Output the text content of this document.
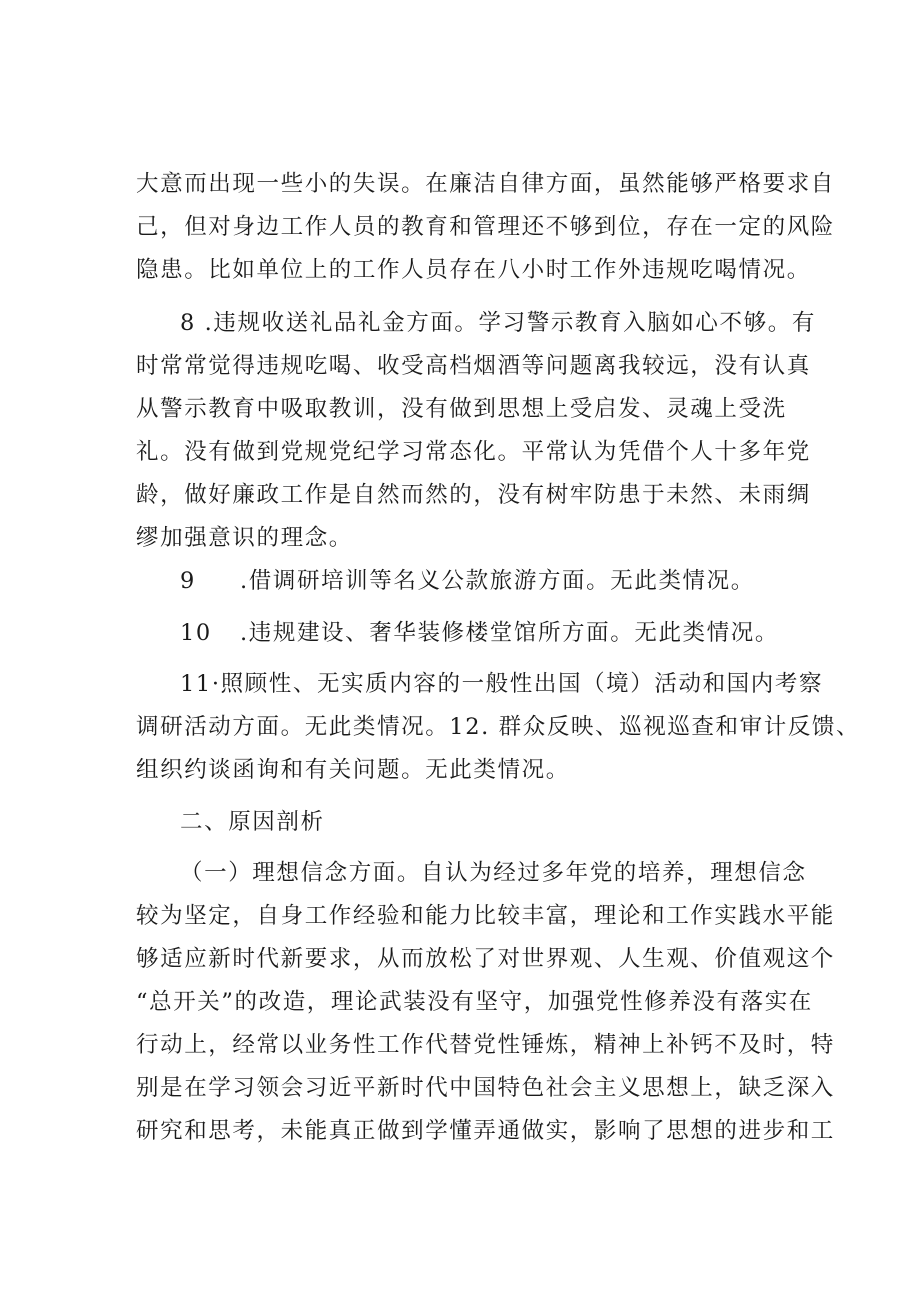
大意而出现一些小的失误。在廉洁自律方面，虽然能够严格要求自
己，但对身边工作人员的教育和管理还不够到位，存在一定的风险
隐患。比如单位上的工作人员存在八小时工作外违规吃喝情况。
8 .违规收送礼品礼金方面。学习警示教育入脑如心不够。有
时常常觉得违规吃喝、收受高档烟酒等问题离我较远，没有认真
从警示教育中吸取教训，没有做到思想上受启发、灵魂上受洗
礼。没有做到党规党纪学习常态化。平常认为凭借个人十多年党
龄，做好廉政工作是自然而然的，没有树牢防患于未然、未雨绸
缪加强意识的理念。
9 .借调研培训等名义公款旅游方面。无此类情况。
10 .违规建设、奢华装修楼堂馆所方面。无此类情况。
11·照顾性、无实质内容的一般性出国（境）活动和国内考察
调研活动方面。无此类情况。12. 群众反映、巡视巡查和审计反馈、
组织约谈函询和有关问题。无此类情况。
二、原因剖析
（一）理想信念方面。自认为经过多年党的培养，理想信念
较为坚定，自身工作经验和能力比较丰富，理论和工作实践水平能
够适应新时代新要求，从而放松了对世界观、人生观、价值观这个
“总开关”的改造，理论武装没有坚守，加强党性修养没有落实在
行动上，经常以业务性工作代替党性锤炼，精神上补钙不及时，特
别是在学习领会习近平新时代中国特色社会主义思想上，缺乏深入
研究和思考，未能真正做到学懂弄通做实，影响了思想的进步和工
